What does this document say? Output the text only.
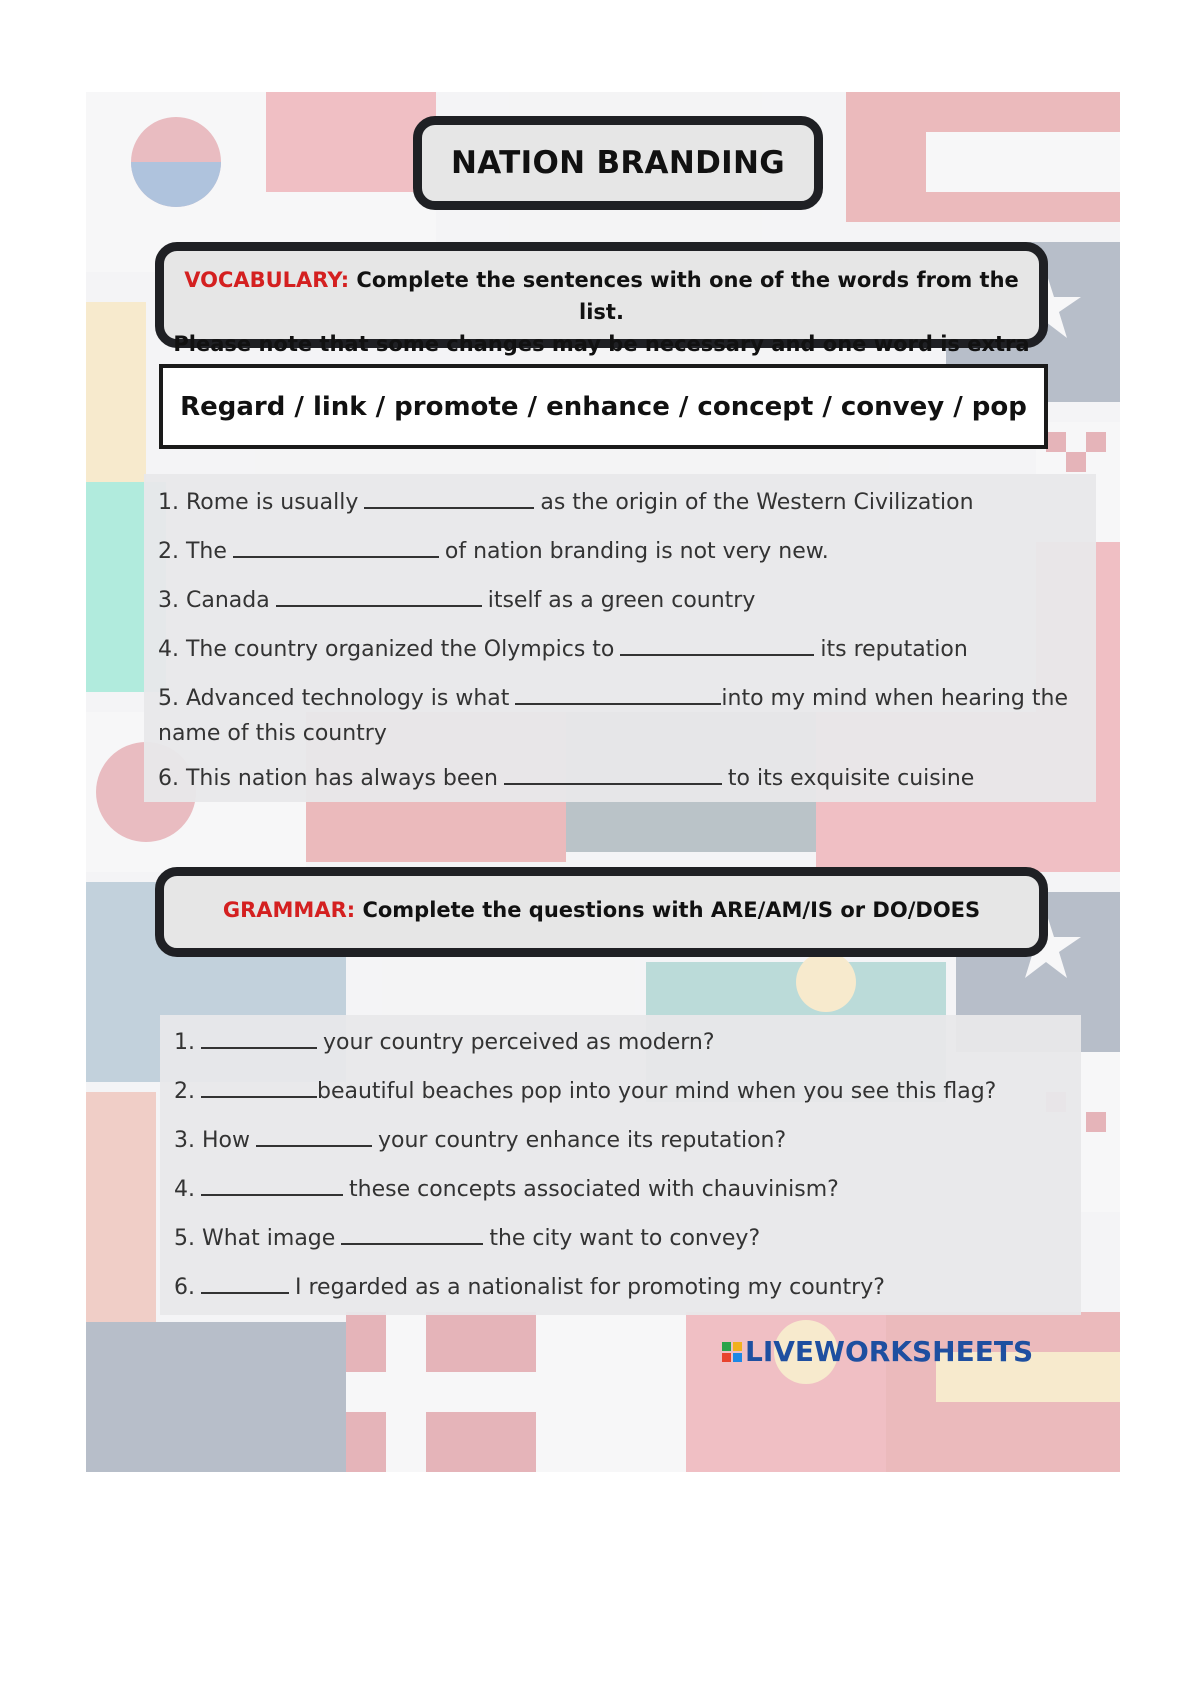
NATION BRANDING
VOCABULARY: Complete the sentences with one of the words from the list.
Please note that some changes may be necessary and one word is extra
Regard / link / promote / enhance / concept / convey / pop
1. Rome is usually	as the origin of the Western Civilization
2. The	of nation branding is not very new.
3. Canada	itself as a green country
4. The country organized the Olympics to	its reputation
5. Advanced technology is what	into my mind when hearing the
name of this country
6. This nation has always been	to its exquisite cuisine
GRAMMAR: Complete the questions with ARE/AM/IS or DO/DOES
1.	your country perceived as modern?
2.	beautiful beaches pop into your mind when you see this flag?
3. How	your country enhance its reputation?
4.	these concepts associated with chauvinism?
5. What image	the city want to convey?
6.	I regarded as a nationalist for promoting my country?
LIVEWORKSHEETS
